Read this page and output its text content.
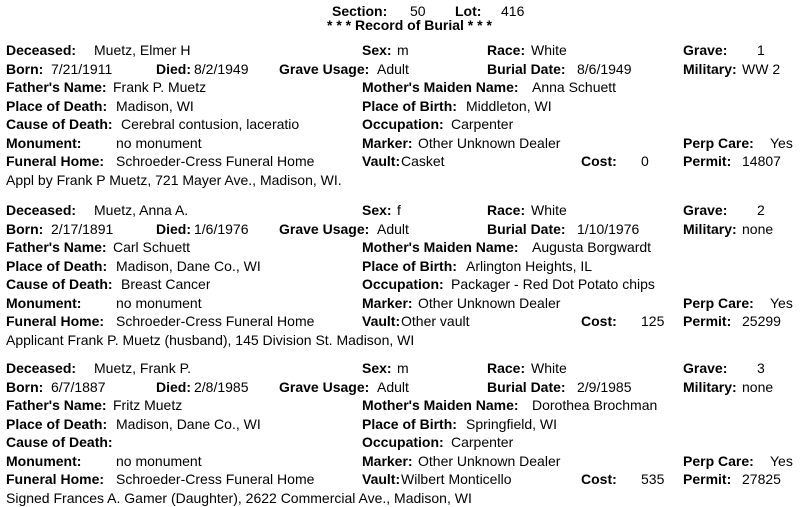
Section: 50 Lot: 416
* * * Record of Burial * * *
Deceased: Muetz, Elmer H	Sex: m	Race: White	Grave: 1
Born: 7/21/1911	Died: 8/2/1949 Grave Usage: Adult	Burial Date: 8/6/1949	Military: WW 2
Father's Name: Frank P. Muetz	Mother's Maiden Name: Anna Schuett
Place of Death: Madison, WI	Place of Birth: Middleton, WI
Cause of Death: Cerebral contusion, laceratio	Occupation: Carpenter
Monument: no monument	Marker: Other Unknown Dealer	Perp Care: Yes
Funeral Home: Schroeder-Cress Funeral Home	Vault: Casket	Cost: 0 Permit: 14807
Appl by Frank P Muetz, 721 Mayer Ave., Madison, WI.
Deceased: Muetz, Anna A.	Sex: f	Race: White	Grave: 2
Born: 2/17/1891	Died: 1/6/1976 Grave Usage: Adult	Burial Date: 1/10/1976	Military: none
Father's Name: Carl Schuett	Mother's Maiden Name: Augusta Borgwardt
Place of Death: Madison, Dane Co., WI	Place of Birth: Arlington Heights, IL
Cause of Death: Breast Cancer	Occupation: Packager - Red Dot Potato chips
Monument: no monument	Marker: Other Unknown Dealer	Perp Care: Yes
Funeral Home: Schroeder-Cress Funeral Home	Vault: Other vault	Cost: 125 Permit: 25299
Applicant Frank P. Muetz (husband), 145 Division St. Madison, WI
Deceased: Muetz, Frank P.	Sex: m	Race: White	Grave: 3
Born: 6/7/1887	Died: 2/8/1985 Grave Usage: Adult	Burial Date: 2/9/1985	Military: none
Father's Name: Fritz Muetz	Mother's Maiden Name: Dorothea Brochman
Place of Death: Madison, Dane Co., WI	Place of Birth: Springfield, WI
Cause of Death:	Occupation: Carpenter
Monument: no monument	Marker: Other Unknown Dealer	Perp Care: Yes
Funeral Home: Schroeder-Cress Funeral Home	Vault: Wilbert Monticello	Cost: 535 Permit: 27825
Signed Frances A. Gamer (Daughter), 2622 Commercial Ave., Madison, WI
